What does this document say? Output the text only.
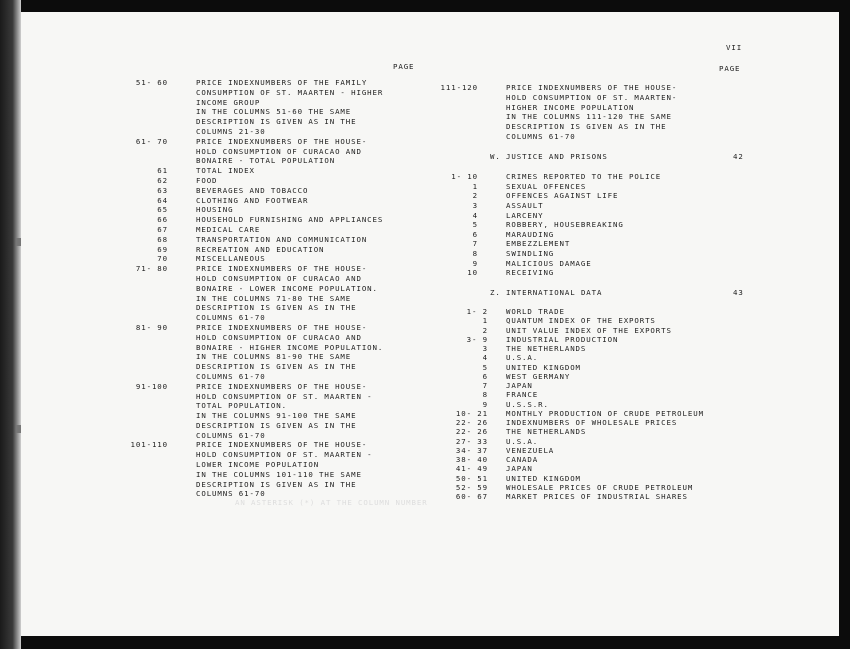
PAGE
VII
PAGE
AN ASTERISK (*) AT THE COLUMN NUMBER
51- 60	PRICE INDEXNUMBERS OF THE FAMILY
CONSUMPTION OF ST. MAARTEN - HIGHER
INCOME GROUP
IN THE COLUMNS 51-60 THE SAME
DESCRIPTION IS GIVEN AS IN THE
COLUMNS 21-30
61- 70	PRICE INDEXNUMBERS OF THE HOUSE-
HOLD CONSUMPTION OF CURACAO AND
BONAIRE - TOTAL POPULATION
61	TOTAL INDEX
62	FOOD
63	BEVERAGES AND TOBACCO
64	CLOTHING AND FOOTWEAR
65	HOUSING
66	HOUSEHOLD FURNISHING AND APPLIANCES
67	MEDICAL CARE
68	TRANSPORTATION AND COMMUNICATION
69	RECREATION AND EDUCATION
70	MISCELLANEOUS
71- 80	PRICE INDEXNUMBERS OF THE HOUSE-
HOLD CONSUMPTION OF CURACAO AND
BONAIRE - LOWER INCOME POPULATION.
IN THE COLUMNS 71-80 THE SAME
DESCRIPTION IS GIVEN AS IN THE
COLUMNS 61-70
81- 90	PRICE INDEXNUMBERS OF THE HOUSE-
HOLD CONSUMPTION OF CURACAO AND
BONAIRE - HIGHER INCOME POPULATION.
IN THE COLUMNS 81-90 THE SAME
DESCRIPTION IS GIVEN AS IN THE
COLUMNS 61-70
91-100	PRICE INDEXNUMBERS OF THE HOUSE-
HOLD CONSUMPTION OF ST. MAARTEN -
TOTAL POPULATION.
IN THE COLUMNS 91-100 THE SAME
DESCRIPTION IS GIVEN AS IN THE
COLUMNS 61-70
101-110	PRICE INDEXNUMBERS OF THE HOUSE-
HOLD CONSUMPTION OF ST. MAARTEN -
LOWER INCOME POPULATION
IN THE COLUMNS 101-110 THE SAME
DESCRIPTION IS GIVEN AS IN THE
COLUMNS 61-70
111-120	PRICE INDEXNUMBERS OF THE HOUSE-
HOLD CONSUMPTION OF ST. MAARTEN-
HIGHER INCOME POPULATION
IN THE COLUMNS 111-120 THE SAME
DESCRIPTION IS GIVEN AS IN THE
COLUMNS 61-70
W. JUSTICE AND PRISONS	42
1- 10	CRIMES REPORTED TO THE POLICE
1	SEXUAL OFFENCES
2	OFFENCES AGAINST LIFE
3	ASSAULT
4	LARCENY
5	ROBBERY, HOUSEBREAKING
6	MARAUDING
7	EMBEZZLEMENT
8	SWINDLING
9	MALICIOUS DAMAGE
10	RECEIVING
Z. INTERNATIONAL DATA	43
1- 2 WORLD TRADE
1 QUANTUM INDEX OF THE EXPORTS
2 UNIT VALUE INDEX OF THE EXPORTS
3- 9 INDUSTRIAL PRODUCTION
3 THE NETHERLANDS
4 U.S.A.
5 UNITED KINGDOM
6 WEST GERMANY
7 JAPAN
8 FRANCE
9 U.S.S.R.
10- 21 MONTHLY PRODUCTION OF CRUDE PETROLEUM
22- 26 INDEXNUMBERS OF WHOLESALE PRICES
22- 26 THE NETHERLANDS
27- 33 U.S.A.
34- 37 VENEZUELA
38- 40 CANADA
41- 49 JAPAN
50- 51 UNITED KINGDOM
52- 59 WHOLESALE PRICES OF CRUDE PETROLEUM
60- 67 MARKET PRICES OF INDUSTRIAL SHARES
